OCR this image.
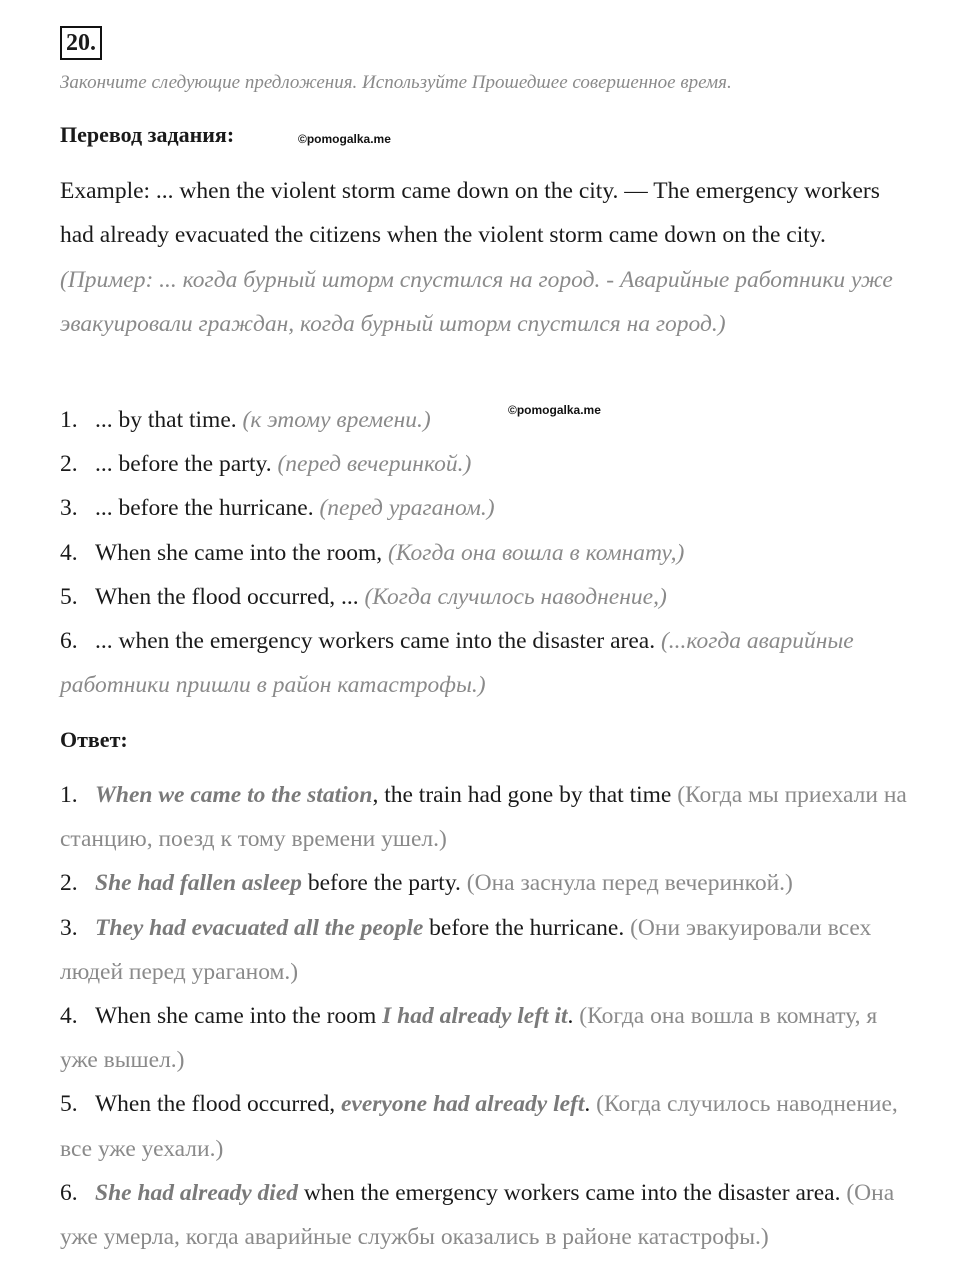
20.
Закончите следующие предложения. Используйте Прошедшее совершенное время.
Перевод задания:	©pomogalka.me

Example: ... when the violent storm came down on the city. — The emergency workers had already evacuated the citizens when the violent storm came down on the city. (Пример: ... когда бурный шторм спустился на город. - Аварийные работники уже эвакуировали граждан, когда бурный шторм спустился на город.)

©pomogalka.me
1. ... by that time. (к этому времени.)
2. ... before the party. (перед вечеринкой.)
3. ... before the hurricane. (перед ураганом.)
4. When she came into the room, (Когда она вошла в комнату,)
5. When the flood occurred, ... (Когда случилось наводнение,)
6. ... when the emergency workers came into the disaster area. (...когда аварийные работники пришли в район катастрофы.)
Ответ:
1. When we came to the station, the train had gone by that time (Когда мы приехали на станцию, поезд к тому времени ушел.)
2. She had fallen asleep before the party. (Она заснула перед вечеринкой.)
3. They had evacuated all the people before the hurricane. (Они эвакуировали всех людей перед ураганом.)
4. When she came into the room I had already left it. (Когда она вошла в комнату, я уже вышел.)
5. When the flood occurred, everyone had already left. (Когда случилось наводнение, все уже уехали.)
6. She had already died when the emergency workers came into the disaster area. (Она уже умерла, когда аварийные службы оказались в районе катастрофы.)
